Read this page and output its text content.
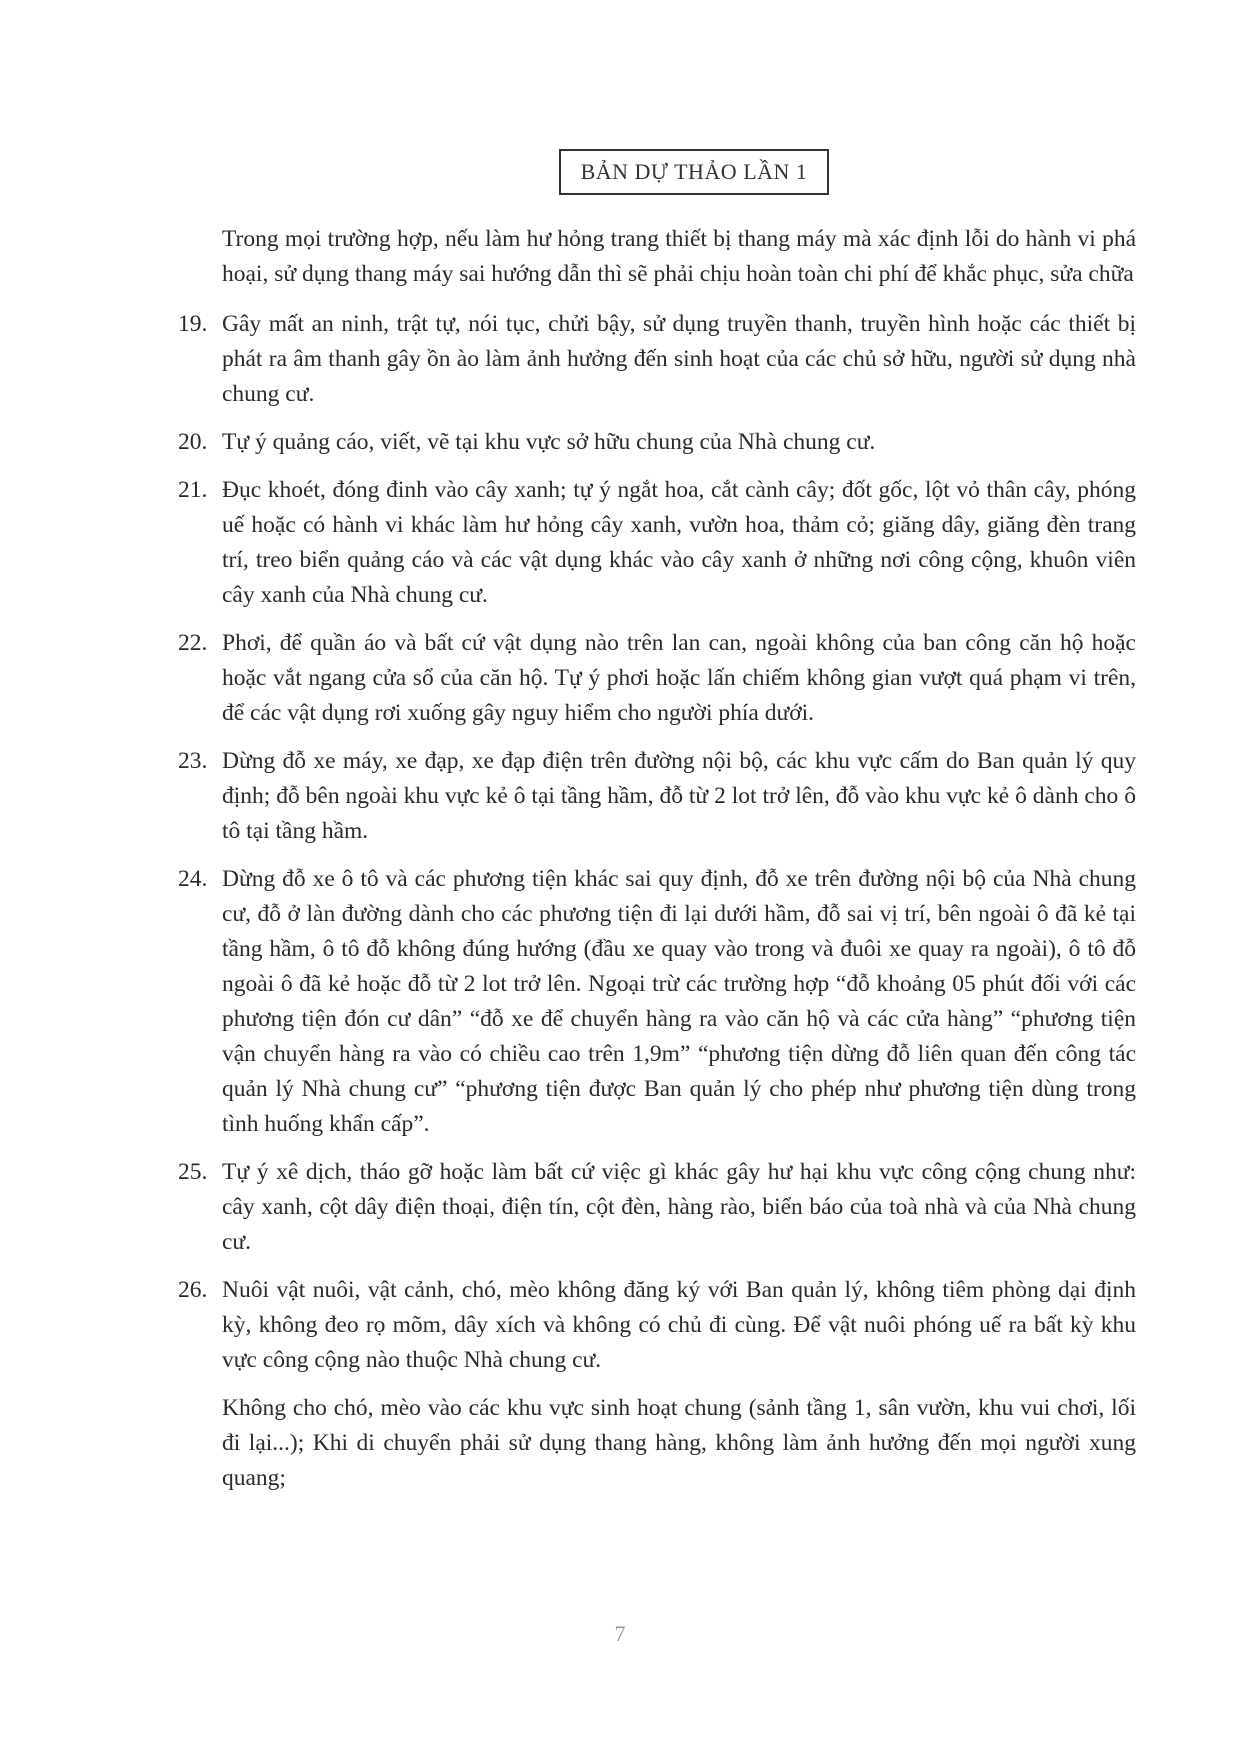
BẢN DỰ THẢO LẦN 1

Trong mọi trường hợp, nếu làm hư hỏng trang thiết bị thang máy mà xác định lỗi do hành vi phá hoại, sử dụng thang máy sai hướng dẫn thì sẽ phải chịu hoàn toàn chi phí để khắc phục, sửa chữa

19. Gây mất an ninh, trật tự, nói tục, chửi bậy, sử dụng truyền thanh, truyền hình hoặc các thiết bị phát ra âm thanh gây ồn ào làm ảnh hưởng đến sinh hoạt của các chủ sở hữu, người sử dụng nhà chung cư.
20. Tự ý quảng cáo, viết, vẽ tại khu vực sở hữu chung của Nhà chung cư.
21. Đục khoét, đóng đinh vào cây xanh; tự ý ngắt hoa, cắt cành cây; đốt gốc, lột vỏ thân cây, phóng uế hoặc có hành vi khác làm hư hỏng cây xanh, vườn hoa, thảm cỏ; giăng dây, giăng đèn trang trí, treo biển quảng cáo và các vật dụng khác vào cây xanh ở những nơi công cộng, khuôn viên cây xanh của Nhà chung cư.
22. Phơi, để quần áo và bất cứ vật dụng nào trên lan can, ngoài không của ban công căn hộ hoặc hoặc vắt ngang cửa sổ của căn hộ. Tự ý phơi hoặc lấn chiếm không gian vượt quá phạm vi trên, để các vật dụng rơi xuống gây nguy hiểm cho người phía dưới.
23. Dừng đỗ xe máy, xe đạp, xe đạp điện trên đường nội bộ, các khu vực cấm do Ban quản lý quy định; đỗ bên ngoài khu vực kẻ ô tại tầng hầm, đỗ từ 2 lot trở lên, đỗ vào khu vực kẻ ô dành cho ô tô tại tầng hầm.
24. Dừng đỗ xe ô tô và các phương tiện khác sai quy định, đỗ xe trên đường nội bộ của Nhà chung cư, đỗ ở làn đường dành cho các phương tiện đi lại dưới hầm, đỗ sai vị trí, bên ngoài ô đã kẻ tại tầng hầm, ô tô đỗ không đúng hướng (đầu xe quay vào trong và đuôi xe quay ra ngoài), ô tô đỗ ngoài ô đã kẻ hoặc đỗ từ 2 lot trở lên. Ngoại trừ các trường hợp “đỗ khoảng 05 phút đối với các phương tiện đón cư dân” “đỗ xe để chuyển hàng ra vào căn hộ và các cửa hàng” “phương tiện vận chuyển hàng ra vào có chiều cao trên 1,9m” “phương tiện dừng đỗ liên quan đến công tác quản lý Nhà chung cư” “phương tiện được Ban quản lý cho phép như phương tiện dùng trong tình huống khẩn cấp”.
25. Tự ý xê dịch, tháo gỡ hoặc làm bất cứ việc gì khác gây hư hại khu vực công cộng chung như: cây xanh, cột dây điện thoại, điện tín, cột đèn, hàng rào, biển báo của toà nhà và của Nhà chung cư.
26. Nuôi vật nuôi, vật cảnh, chó, mèo không đăng ký với Ban quản lý, không tiêm phòng dại định kỳ, không đeo rọ mõm, dây xích và không có chủ đi cùng. Để vật nuôi phóng uế ra bất kỳ khu vực công cộng nào thuộc Nhà chung cư.

Không cho chó, mèo vào các khu vực sinh hoạt chung (sảnh tầng 1, sân vườn, khu vui chơi, lối đi lại...); Khi di chuyển phải sử dụng thang hàng, không làm ảnh hưởng đến mọi người xung quang;

7
